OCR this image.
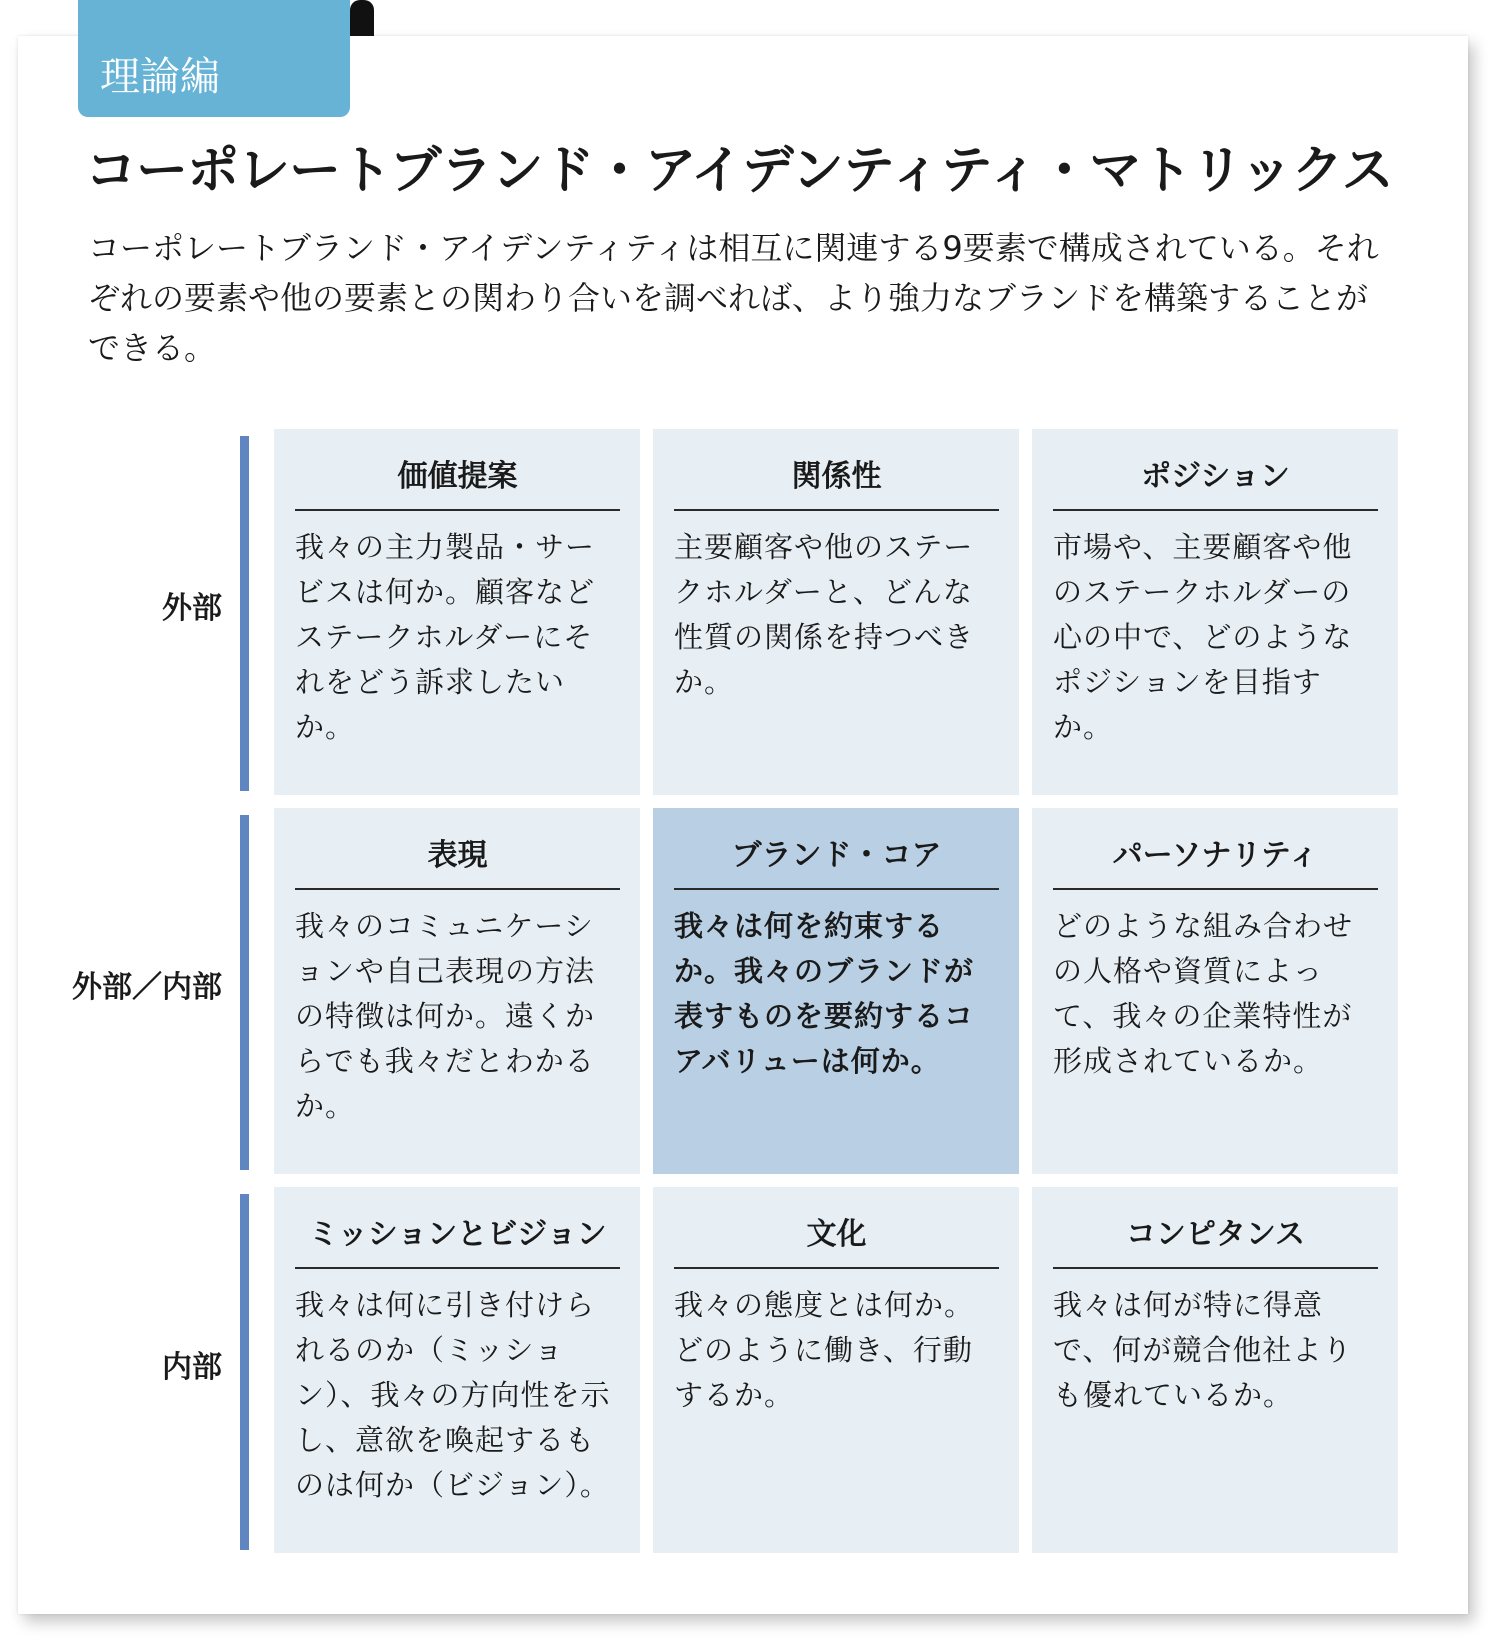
理論編
コーポレートブランド・アイデンティティ・マトリックス

コーポレートブランド・アイデンティティは相互に関連する9要素で構成されている。それぞれの要素や他の要素との関わり合いを調べれば、より強力なブランドを構築することができる。

外部
外部／内部
内部
価値提案
我々の主力製品・サービスは何か。顧客などステークホルダーにそれをどう訴求したいか。
関係性
主要顧客や他のステークホルダーと、どんな性質の関係を持つべきか。
ポジション
市場や、主要顧客や他のステークホルダーの心の中で、どのようなポジションを目指すか。
表現
我々のコミュニケーションや自己表現の方法の特徴は何か。遠くからでも我々だとわかるか。
ブランド・コア
我々は何を約束するか。我々のブランドが表すものを要約するコアバリューは何か。
パーソナリティ
どのような組み合わせの人格や資質によって、我々の企業特性が形成されているか。
ミッションとビジョン
我々は何に引き付けられるのか（ミッション）、我々の方向性を示し、意欲を喚起するものは何か（ビジョン）。
文化
我々の態度とは何か。どのように働き、行動するか。
コンピタンス
我々は何が特に得意で、何が競合他社よりも優れているか。
